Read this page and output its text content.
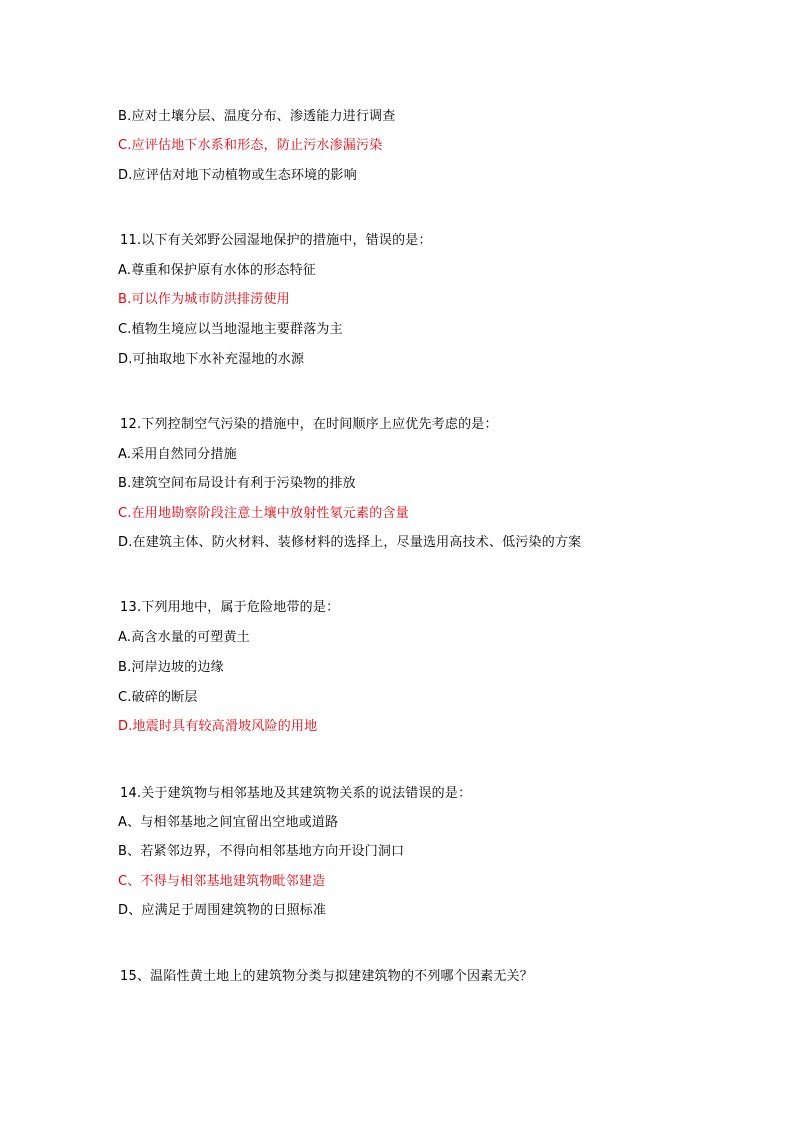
B.应对土壤分层、温度分布、渗透能力进行调查
C.应评估地下水系和形态，防止污水渗漏污染
D.应评估对地下动植物或生态环境的影响
11.以下有关郊野公园湿地保护的措施中，错误的是：
A.尊重和保护原有水体的形态特征
B.可以作为城市防洪排涝使用
C.植物生境应以当地湿地主要群落为主
D.可抽取地下水补充湿地的水源
12.下列控制空气污染的措施中，在时间顺序上应优先考虑的是：
A.采用自然同分措施
B.建筑空间布局设计有利于污染物的排放
C.在用地勘察阶段注意土壤中放射性氡元素的含量
D.在建筑主体、防火材料、装修材料的选择上，尽量选用高技术、低污染的方案
13.下列用地中，属于危险地带的是：
A.高含水量的可塑黄土
B.河岸边坡的边缘
C.破碎的断层
D.地震时具有较高滑坡风险的用地
14.关于建筑物与相邻基地及其建筑物关系的说法错误的是：
A、与相邻基地之间宜留出空地或道路
B、若紧邻边界，不得向相邻基地方向开设门洞口
C、不得与相邻基地建筑物毗邻建造
D、应满足于周围建筑物的日照标准
15、温陷性黄土地上的建筑物分类与拟建建筑物的不列哪个因素无关？
